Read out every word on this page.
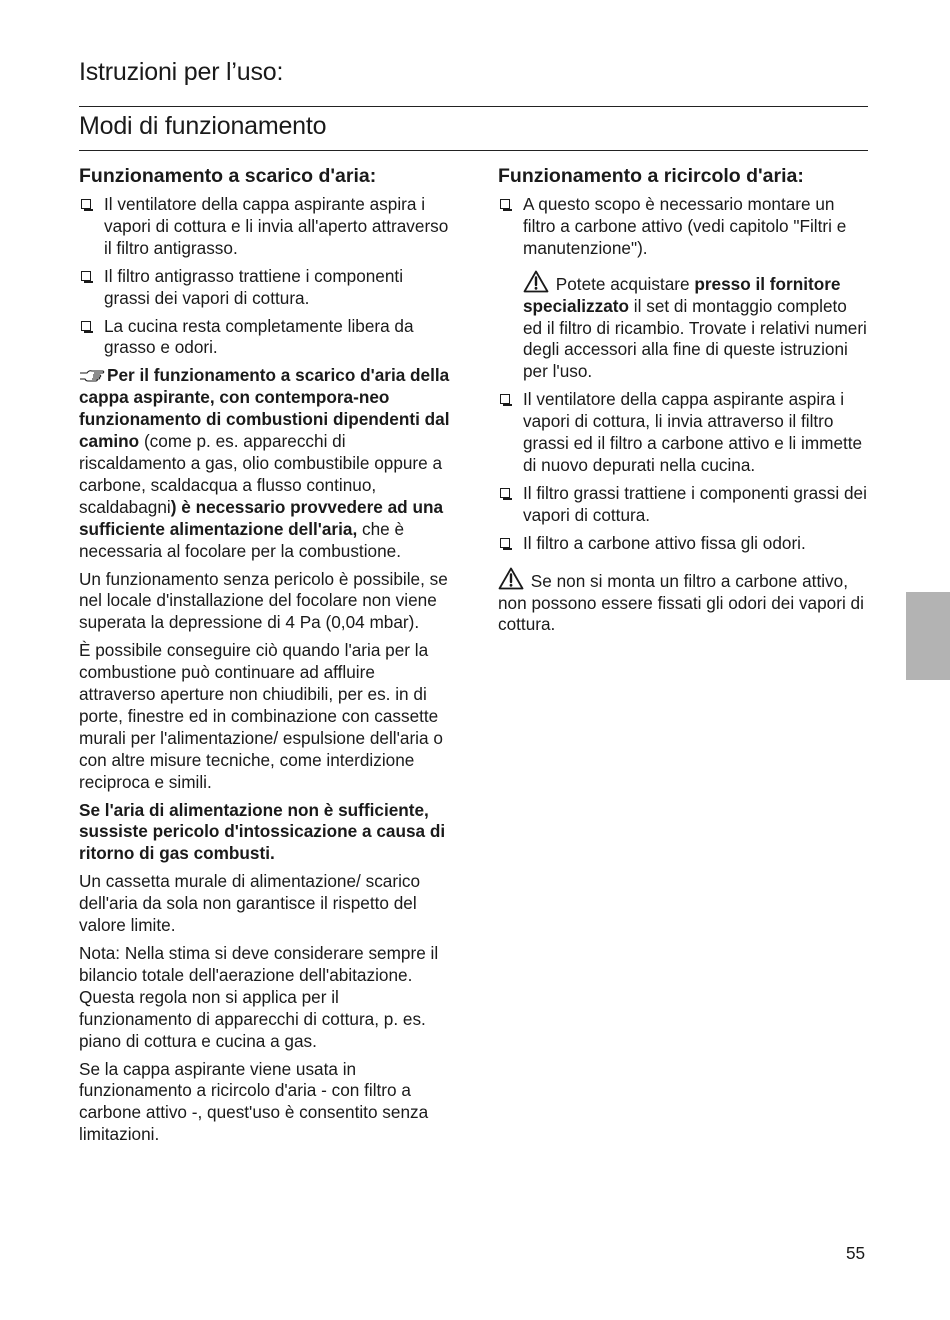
Istruzioni per l’uso:
Modi di funzionamento
Funzionamento a scarico d'aria:
Il ventilatore della cappa aspirante aspira i vapori di cottura e li invia all'aperto attraverso il filtro antigrasso.
Il filtro antigrasso trattiene i componenti grassi dei vapori di cottura.
La cucina resta completamente libera da grasso e odori.

Per il funzionamento a scarico d'aria della cappa aspirante, con contempora-neo funzionamento di combustioni dipendenti dal camino (come p. es. apparecchi di riscaldamento a gas, olio combustibile oppure a carbone, scaldacqua a flusso continuo, scaldabagni) è necessario provvedere ad una sufficiente alimentazione dell'aria, che è necessaria al focolare per la combustione.

Un funzionamento senza pericolo è possibile, se nel locale d'installazione del focolare non viene superata la depressione di 4 Pa (0,04 mbar).

È possibile conseguire ciò quando l'aria per la combustione può continuare ad affluire attraverso aperture non chiudibili, per es. in di porte, finestre ed in combinazione con cassette murali per l'alimentazione/ espulsione dell'aria o con altre misure tecniche, come interdizione reciproca e simili.

Se l'aria di alimentazione non è sufficiente, sussiste pericolo d'intossicazione a causa di ritorno di gas combusti.

Un cassetta murale di alimentazione/ scarico dell'aria da sola non garantisce il rispetto del valore limite.

Nota: Nella stima si deve considerare sempre il bilancio totale dell'aerazione dell'abitazione. Questa regola non si applica per il funzionamento di apparecchi di cottura, p. es. piano di cottura e cucina a gas.

Se la cappa aspirante viene usata in funzionamento a ricircolo d'aria - con filtro a carbone attivo -, quest'uso è consentito senza limitazioni.

Funzionamento a ricircolo d'aria:
A questo scopo è necessario montare un filtro a carbone attivo (vedi capitolo "Filtri e manutenzione").

Potete acquistare presso il fornitore specializzato il set di montaggio completo ed il filtro di ricambio. Trovate i relativi numeri degli accessori alla fine di queste istruzioni per l'uso.

Il ventilatore della cappa aspirante aspira i vapori di cottura, li invia attraverso il filtro grassi ed il filtro a carbone attivo e li immette di nuovo depurati nella cucina.
Il filtro grassi trattiene i componenti grassi dei vapori di cottura.
Il filtro a carbone attivo fissa gli odori.

Se non si monta un filtro a carbone attivo, non possono essere fissati gli odori dei vapori di cottura.

55
